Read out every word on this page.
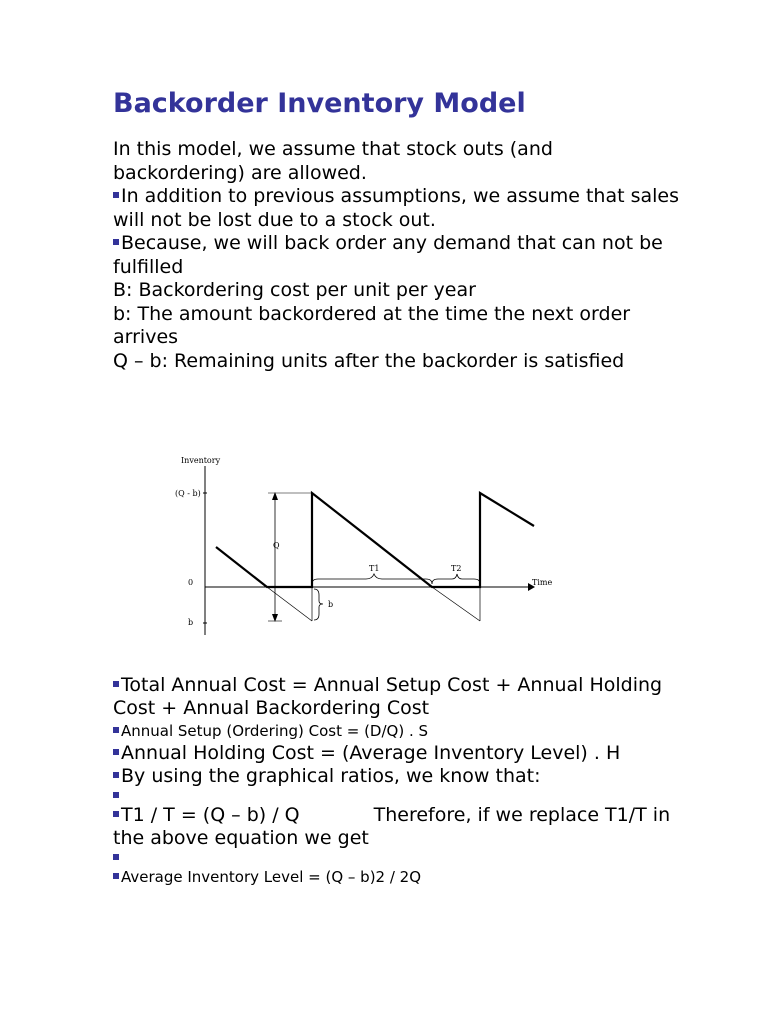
Backorder Inventory Model

In this model, we assume that stock outs (and backordering) are allowed.

In addition to previous assumptions, we assume that sales will not be lost due to a stock out.

Because, we will back order any demand that can not be fulfilled

B: Backordering cost per unit per year

b: The amount backordered at the time the next order arrives

Q – b: Remaining units after the backorder is satisfied

Inventory
Time
(Q - b)
0
b
Q
b
T1	T2

Total Annual Cost = Annual Setup Cost + Annual Holding Cost + Annual Backordering Cost

Annual Setup (Ordering) Cost = (D/Q) . S

Annual Holding Cost = (Average Inventory Level) . H

By using the graphical ratios, we know that:

T1 / T = (Q – b) / Q	Therefore, if we replace T1/T in the above equation we get

Average Inventory Level = (Q – b)2 / 2Q
